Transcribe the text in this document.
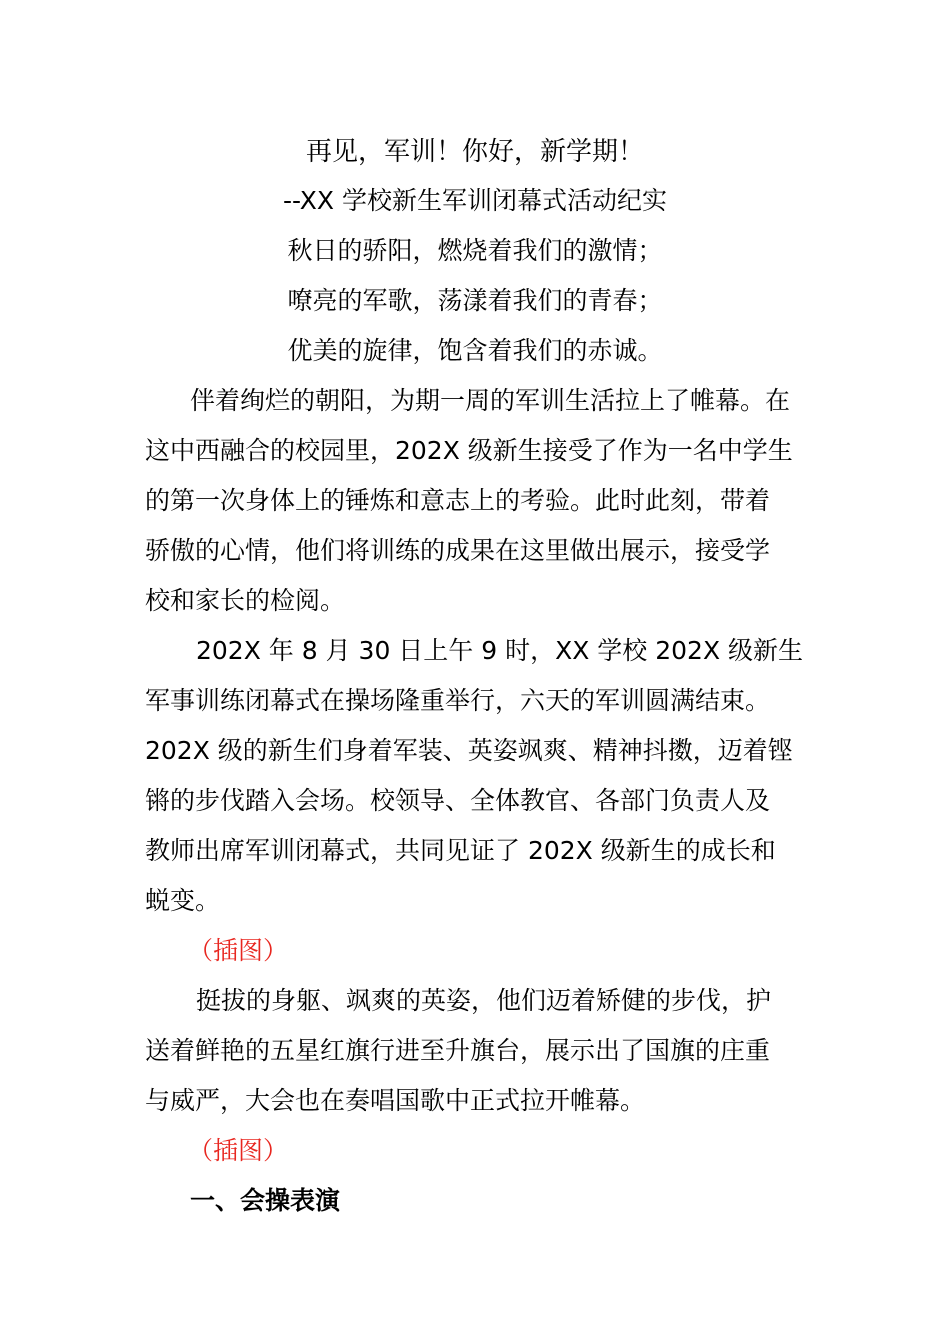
再见，军训！你好，新学期！
--XX 学校新生军训闭幕式活动纪实
秋日的骄阳，燃烧着我们的激情；
嘹亮的军歌，荡漾着我们的青春；
优美的旋律，饱含着我们的赤诚。
伴着绚烂的朝阳，为期一周的军训生活拉上了帷幕。在
这中西融合的校园里，202X 级新生接受了作为一名中学生
的第一次身体上的锤炼和意志上的考验。此时此刻，带着
骄傲的心情，他们将训练的成果在这里做出展示，接受学
校和家长的检阅。
202X 年 8 月 30 日上午 9 时，XX 学校 202X 级新生
军事训练闭幕式在操场隆重举行，六天的军训圆满结束。
202X 级的新生们身着军装、英姿飒爽、精神抖擞，迈着铿
锵的步伐踏入会场。校领导、全体教官、各部门负责人及
教师出席军训闭幕式，共同见证了 202X 级新生的成长和
蜕变。
（插图）
挺拔的身躯、飒爽的英姿，他们迈着矫健的步伐，护
送着鲜艳的五星红旗行进至升旗台，展示出了国旗的庄重
与威严，大会也在奏唱国歌中正式拉开帷幕。
（插图）
一、会操表演
